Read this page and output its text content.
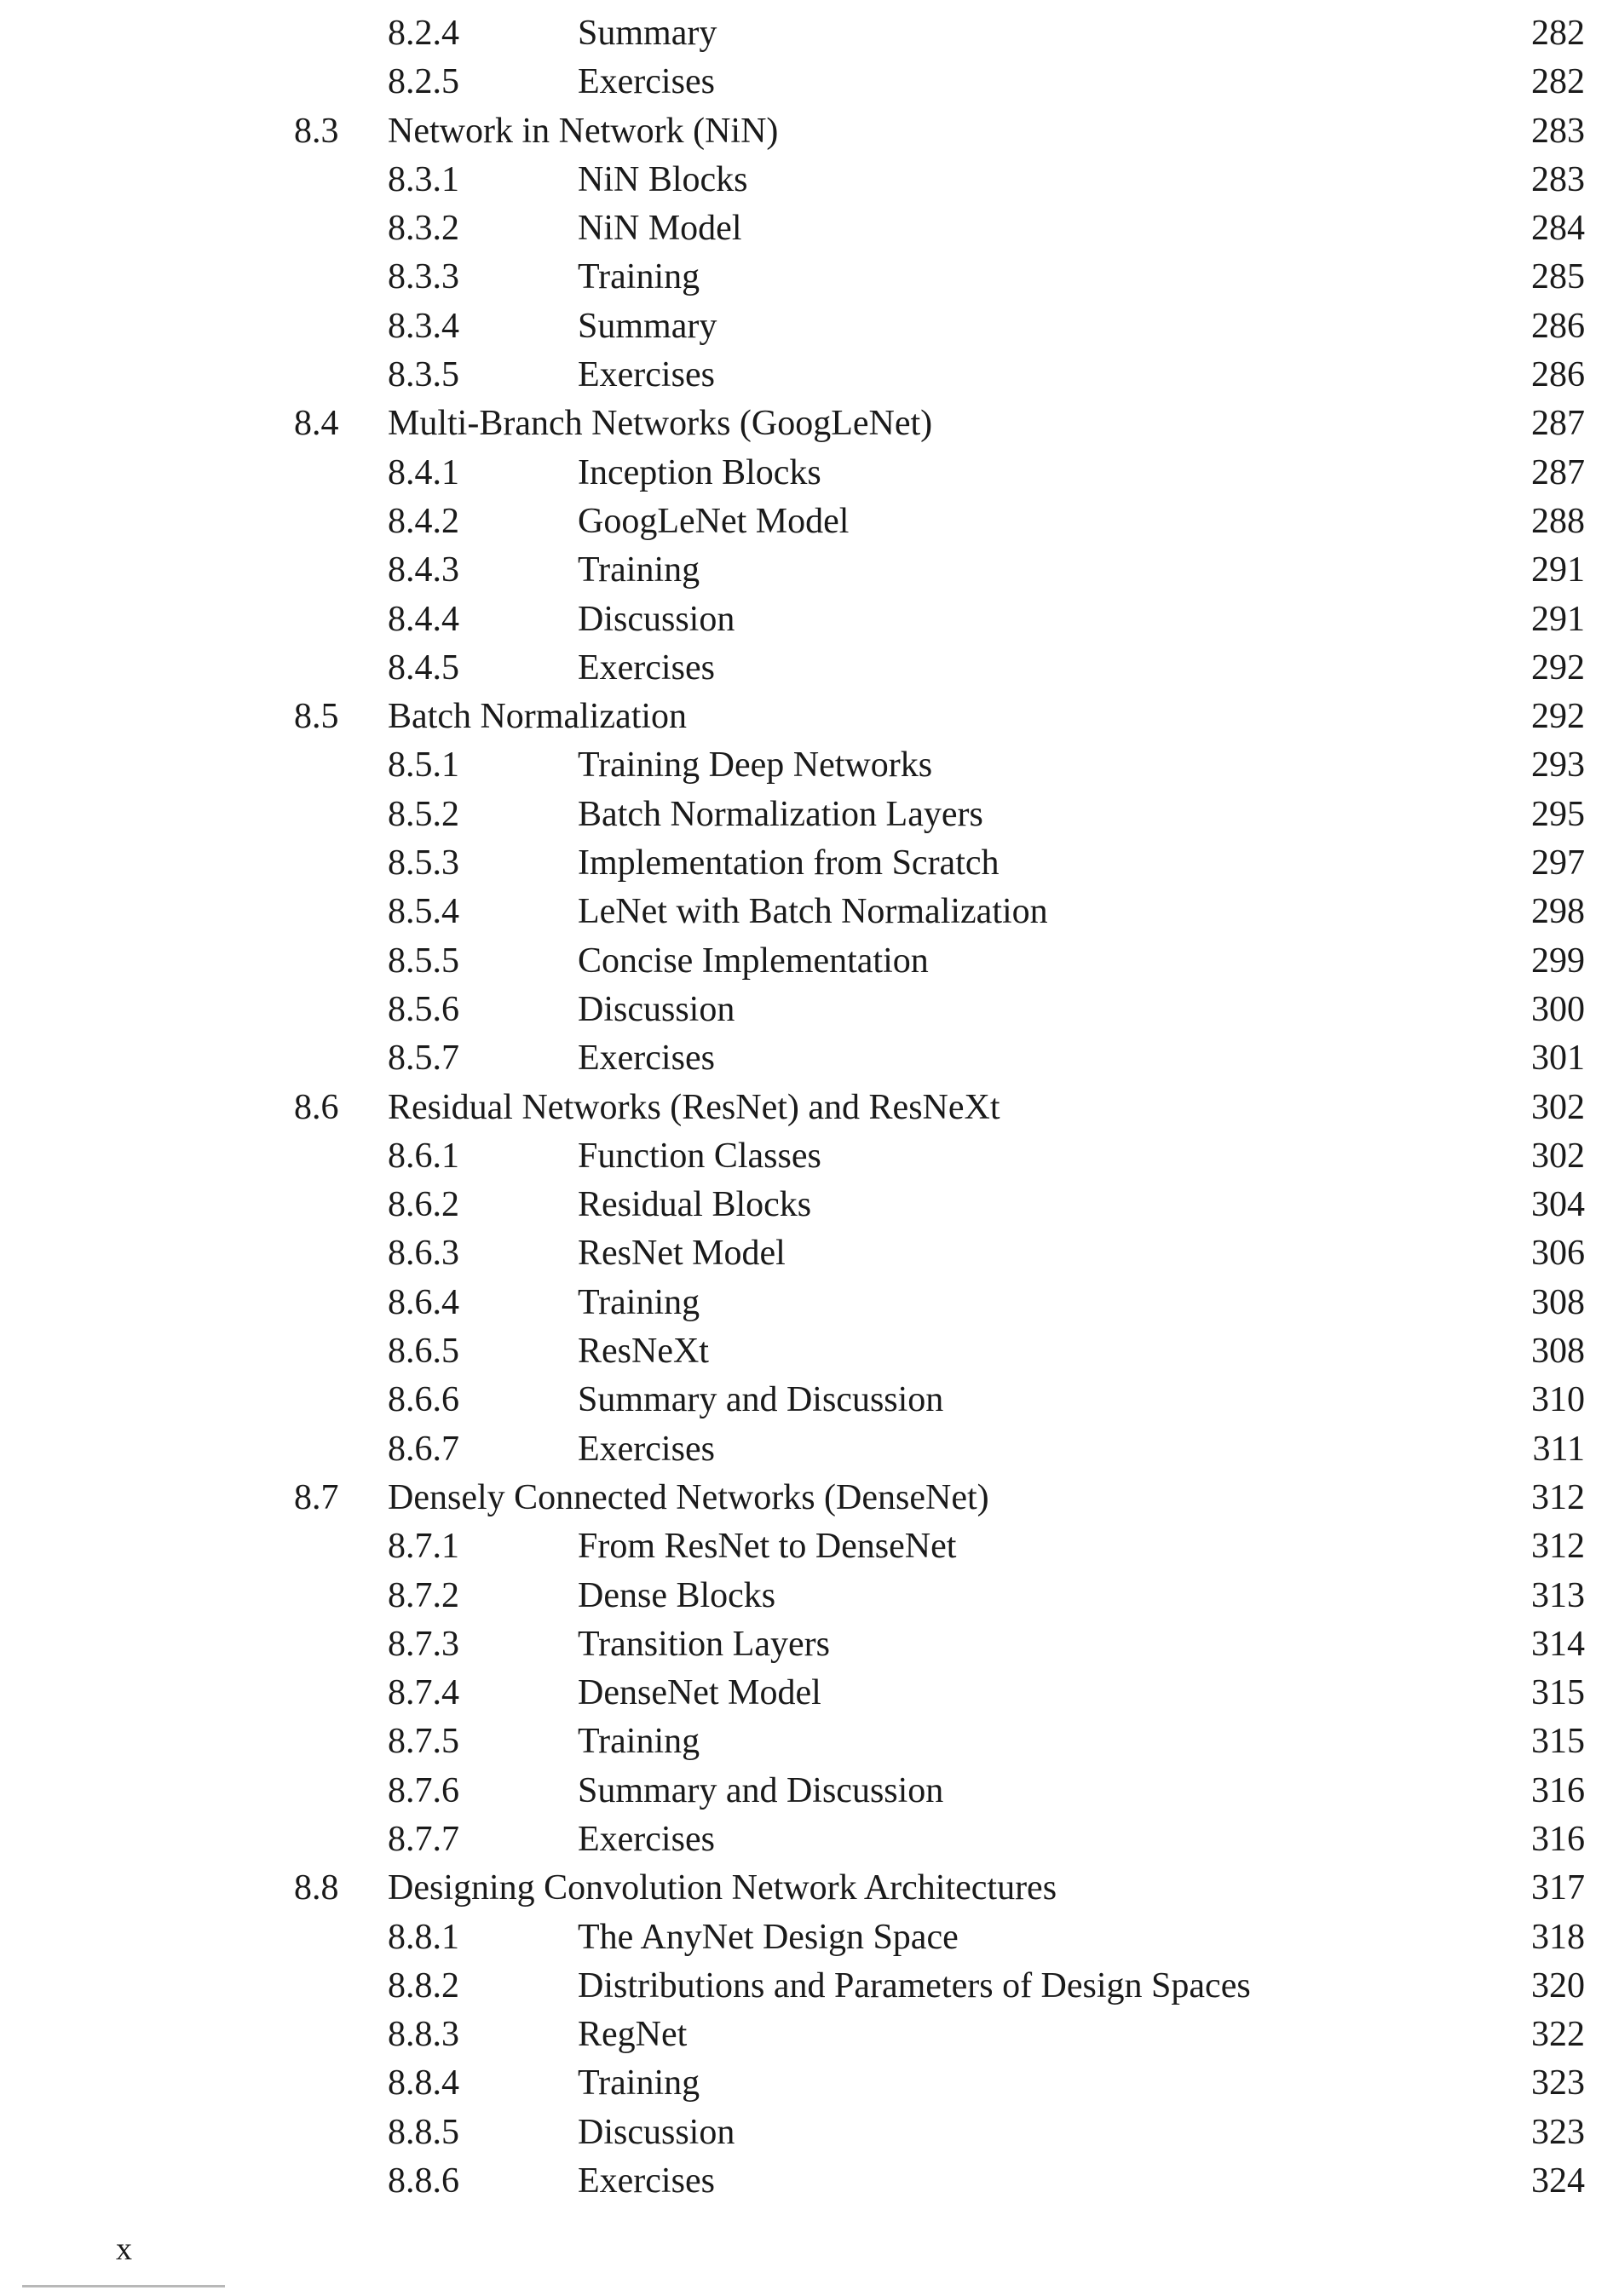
8.2.4	Summary	282
8.2.5	Exercises	282
8.3 Network in Network (NiN)	283
8.3.1	NiN Blocks	283
8.3.2	NiN Model	284
8.3.3	Training	285
8.3.4	Summary	286
8.3.5	Exercises	286
8.4 Multi-Branch Networks (GoogLeNet)	287
8.4.1	Inception Blocks	287
8.4.2	GoogLeNet Model	288
8.4.3	Training	291
8.4.4	Discussion	291
8.4.5	Exercises	292
8.5 Batch Normalization	292
8.5.1	Training Deep Networks	293
8.5.2	Batch Normalization Layers	295
8.5.3	Implementation from Scratch	297
8.5.4	LeNet with Batch Normalization	298
8.5.5	Concise Implementation	299
8.5.6	Discussion	300
8.5.7	Exercises	301
8.6 Residual Networks (ResNet) and ResNeXt	302
8.6.1	Function Classes	302
8.6.2	Residual Blocks	304
8.6.3	ResNet Model	306
8.6.4	Training	308
8.6.5	ResNeXt	308
8.6.6	Summary and Discussion	310
8.6.7	Exercises	311
8.7 Densely Connected Networks (DenseNet)	312
8.7.1	From ResNet to DenseNet	312
8.7.2	Dense Blocks	313
8.7.3	Transition Layers	314
8.7.4	DenseNet Model	315
8.7.5	Training	315
8.7.6	Summary and Discussion	316
8.7.7	Exercises	316
8.8 Designing Convolution Network Architectures	317
8.8.1	The AnyNet Design Space	318
8.8.2	Distributions and Parameters of Design Spaces	320
8.8.3	RegNet	322
8.8.4	Training	323
8.8.5	Discussion	323
8.8.6	Exercises	324
x
